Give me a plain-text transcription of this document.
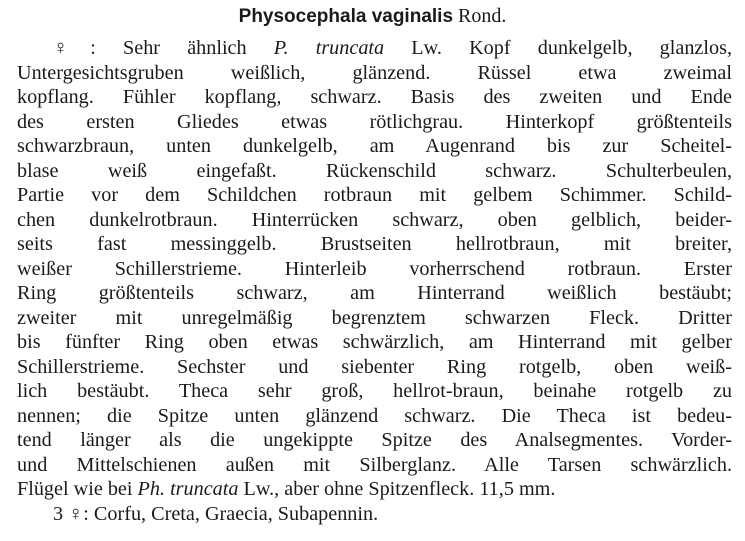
Physocephala vaginalis Rond.
♀: Sehr ähnlich P. truncata Lw. Kopf dunkelgelb, glanzlos,
Untergesichtsgruben weißlich, glänzend. Rüssel etwa zweimal
kopflang. Fühler kopflang, schwarz. Basis des zweiten und Ende
des ersten Gliedes etwas rötlichgrau. Hinterkopf größtenteils
schwarzbraun, unten dunkelgelb, am Augenrand bis zur Scheitel-
blase weiß eingefaßt. Rückenschild schwarz. Schulterbeulen,
Partie vor dem Schildchen rotbraun mit gelbem Schimmer. Schild-
chen dunkelrotbraun. Hinterrücken schwarz, oben gelblich, beider-
seits fast messinggelb. Brustseiten hellrotbraun, mit breiter,
weißer Schillerstrieme. Hinterleib vorherrschend rotbraun. Erster
Ring größtenteils schwarz, am Hinterrand weißlich bestäubt;
zweiter mit unregelmäßig begrenztem schwarzen Fleck. Dritter
bis fünfter Ring oben etwas schwärzlich, am Hinterrand mit gelber
Schillerstrieme. Sechster und siebenter Ring rotgelb, oben weiß-
lich bestäubt. Theca sehr groß, hellrot-braun, beinahe rotgelb zu
nennen; die Spitze unten glänzend schwarz. Die Theca ist bedeu-
tend länger als die ungekippte Spitze des Analsegmentes. Vorder-
und Mittelschienen außen mit Silberglanz. Alle Tarsen schwärzlich.
Flügel wie bei Ph. truncata Lw., aber ohne Spitzenfleck. 11,5 mm.
3 ♀: Corfu, Creta, Graecia, Subapennin.
